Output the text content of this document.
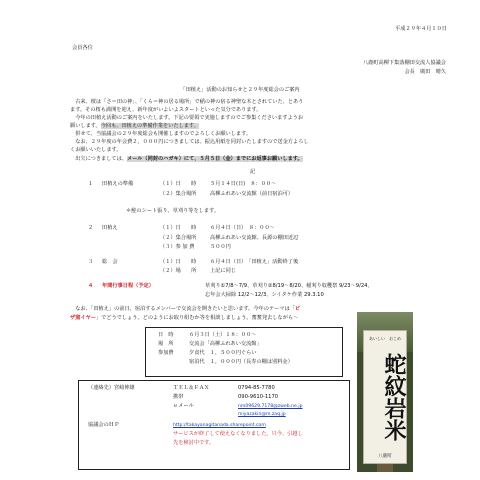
平成２９年４月１０日
会員各位
八鹿町高柳下集落棚田交流人協議会
会長　廣田　晴久
「田植え」活動のお知らせと２９年度総会のご案内
　古来、桜は「さ＝田の神」、「くら＝神の居る場所」で稲の神の宿る神聖な木とされていた、とあり
ます。その桜も満開を迎え、新年度がいよいよスタートといった気分であります。
　今年の田植え活動のご案内をいたします。下記の要領で実施しますのでご参集くださいますようお
願いします。今回も、田植えの準備作業をいたします。
　併せて、当協議会の２９年度総会も開催しますのでよろしくお願いします。
　なお、２９年度の年会費２，０００円につきましては、振込用紙を同封いたしますので送金方よろし
くお願いいたします。
　出欠につきましては、メール（同封のハガキ）にて、５月５日（金）までにお返事お願いします。
記
１ 田植えの準備	（１）日　　時	５月１４日(日)　８：００～
（２）集合場所	高柳ふれあい交流館（前日宿泊可）
＊鮭のシート張り、草刈り等をします。
２ 田植え	（１）日　　時	６月４日（日）　８：００～
（２）集合場所	高柳ふれあい交流館、長源の棚田近辺
（３）参 加 費	５００円
３ 総　会	（１）日　　時	６月４日（日）　「田植え」活動終了後
（２）場　　所	上記に同じ
４ 年間行事日程（予定）	草刈り①7/8～7/9、草刈り②8/19～8/20、稲刈り収穫祭 9/23～9/24、
忘年会大掃除 12/2～12/3、シイタケ作業 29.3.10
　なお、「田植え」の前日、宿泊するメンバーで交流会を開きたいと思います。今年のテーマは「ピ
ザ窯イヤー」でどうでしょう。どのようにお取り組むか等を相談しましょう。奮奮発去しながら～
日　時	６月３日（土）１８：００～
場　所	交流会「高柳ふれあい交流館」
参加費	夕食代　１，５００円ぐらい
宿泊代　１，０００円（長寿の棚は別料金）
あいしい　おこめ
蛇紋岩米
八鹿町
（連絡先）宮崎伸雄	ＴＥＬ＆ＦＡＸ	0794-85-7780
携帯	090-9610-1170
ｅメール	nm09629.7178@zweb.ne.jp
miyazakin@m.zaq.jp
協議会のＨＰ	http://takayanagitanada.sharepoint.com
サービスが終了して使えなくなりました。只今、引越し
先を検討中です。
